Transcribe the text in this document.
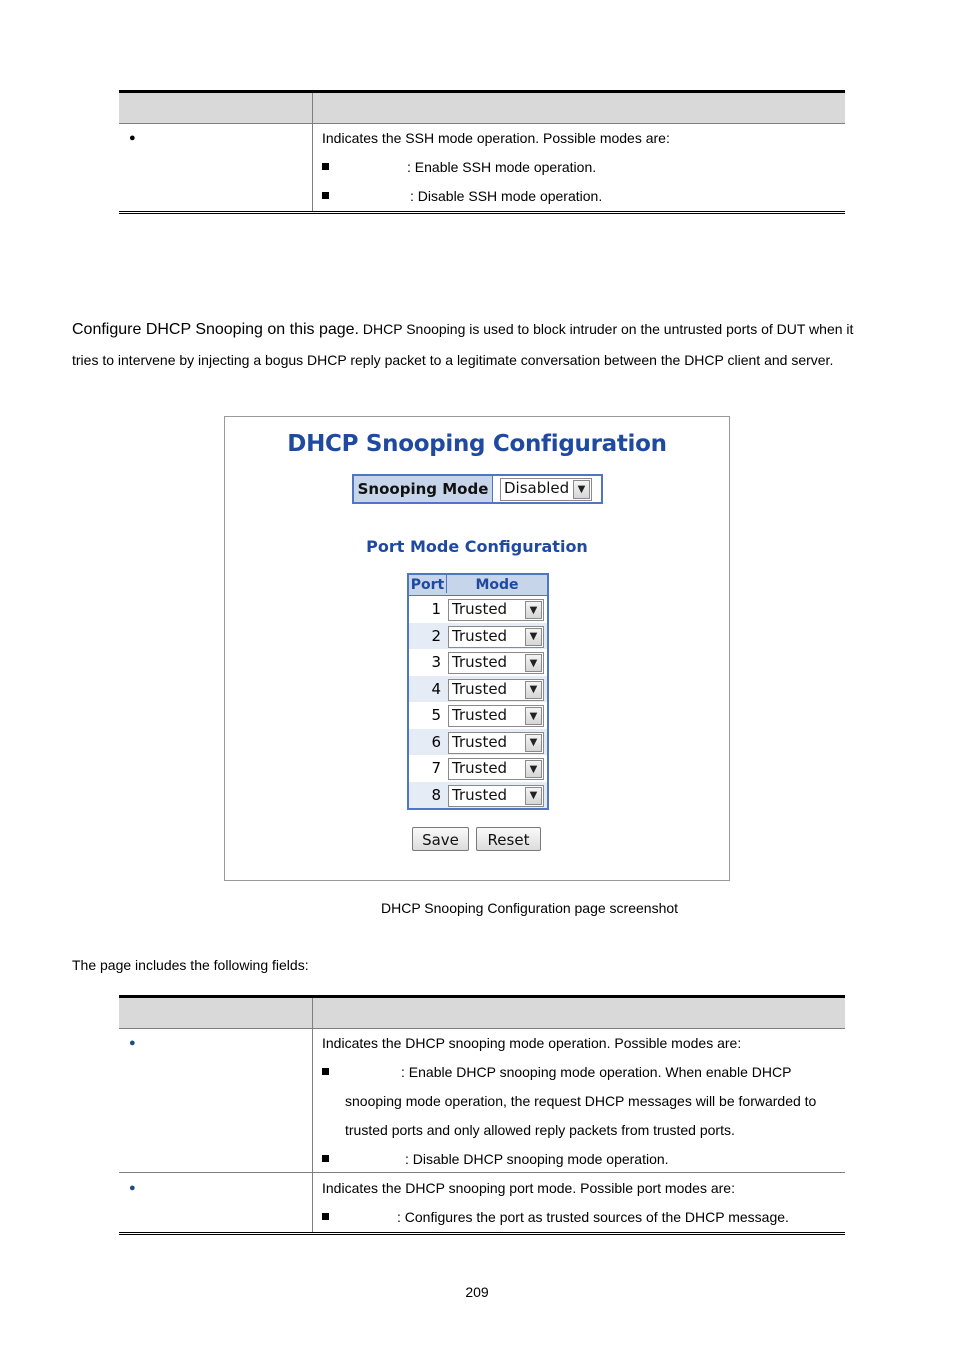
●	Indicates the SSH mode operation. Possible modes are:
: Enable SSH mode operation.
: Disable SSH mode operation.
Configure DHCP Snooping on this page. DHCP Snooping is used to block intruder on the untrusted ports of DUT when it
tries to intervene by injecting a bogus DHCP reply packet to a legitimate conversation between the DHCP client and server.
DHCP Snooping Configuration
Snooping Mode	Disabled ▼
Port Mode Configuration
Port	Mode
1 Trusted	▼
2 Trusted	▼
3 Trusted	▼
4 Trusted	▼
5 Trusted	▼
6 Trusted	▼
7 Trusted	▼
8 Trusted	▼
Save	Reset
DHCP Snooping Configuration page screenshot
The page includes the following fields:
●	Indicates the DHCP snooping mode operation. Possible modes are:
: Enable DHCP snooping mode operation. When enable DHCP
snooping mode operation, the request DHCP messages will be forwarded to
trusted ports and only allowed reply packets from trusted ports.
: Disable DHCP snooping mode operation.
●	Indicates the DHCP snooping port mode. Possible port modes are:
: Configures the port as trusted sources of the DHCP message.
209
